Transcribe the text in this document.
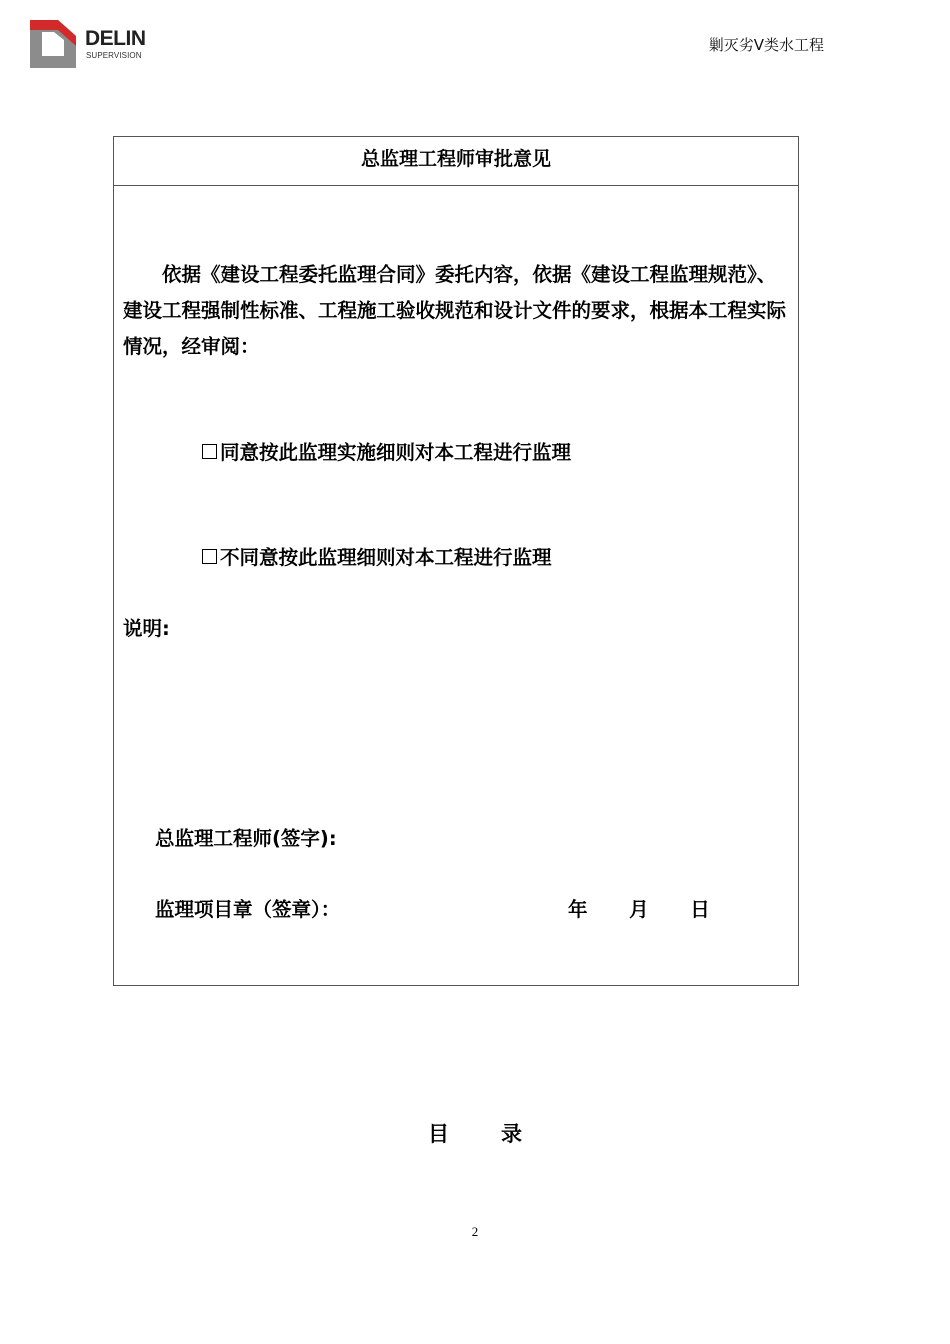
DELIN
SUPERVISION
剿灭劣Ⅴ类水工程
总监理工程师审批意见
依据《建设工程委托监理合同》委托内容，依据《建设工程监理规范》、建设工程强制性标准、工程施工验收规范和设计文件的要求，根据本工程实际情况，经审阅：
同意按此监理实施细则对本工程进行监理
不同意按此监理细则对本工程进行监理
说明:
总监理工程师(签字):
监理项目章（签章）：	年 月 日
目 录
2
